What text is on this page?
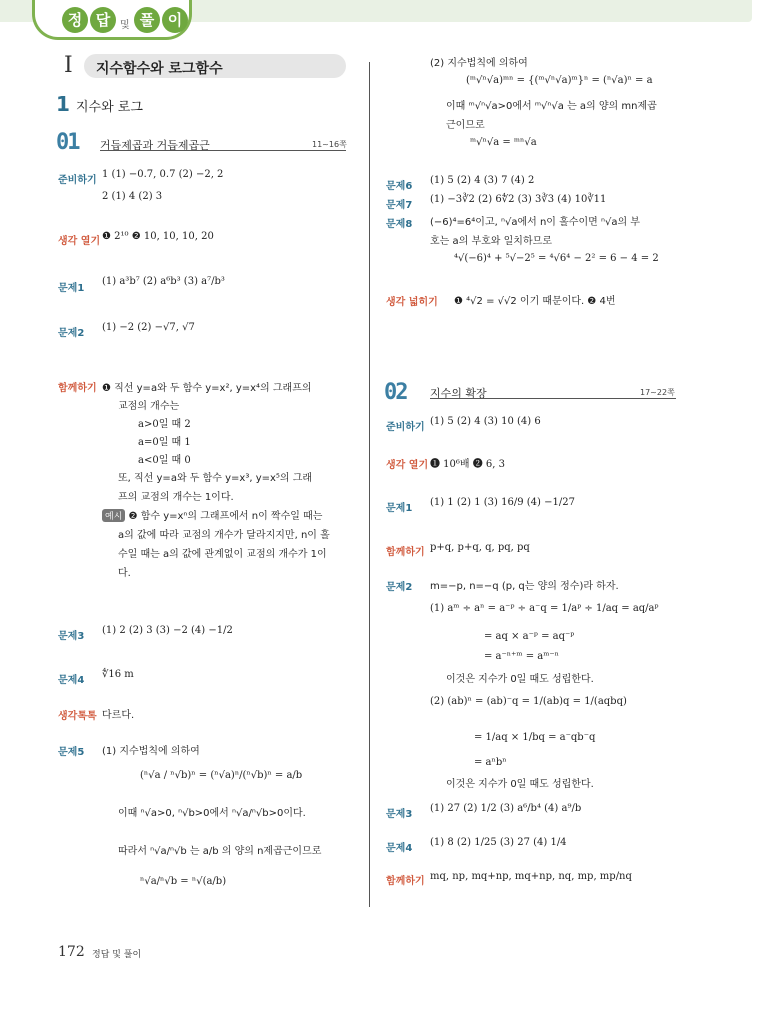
정 답 및 풀 이
I 지수함수와 로그함수
1 지수와 로그
01 거듭제곱과 거듭제곱근	11~16쪽
준비하기
1 (1) −0.7, 0.7 (2) −2, 2
2 (1) 4 (2) 3
생각 열기 ❶ 2¹⁰ ❷ 10, 10, 10, 20
문제1
(1) a³b⁷ (2) a⁶b³ (3) a⁷/b³
문제2
(1) −2 (2) −√7, √7
함께하기 ❶ 직선 y=a와 두 함수 y=x², y=x⁴의 그래프의
교점의 개수는
a>0일 때 2
a=0일 때 1
a<0일 때 0
또, 직선 y=a와 두 함수 y=x³, y=x⁵의 그래
프의 교점의 개수는 1이다.
예시 ❷ 함수 y=xⁿ의 그래프에서 n이 짝수일 때는
a의 값에 따라 교점의 개수가 달라지지만, n이 홀
수일 때는 a의 값에 관계없이 교점의 개수가 1이
다.
문제3
(1) 2 (2) 3 (3) −2 (4) −1/2
문제4
∜16 m
생각톡톡 다르다.
문제5 (1) 지수법칙에 의하여
(ⁿ√a / ⁿ√b)ⁿ = (ⁿ√a)ⁿ/(ⁿ√b)ⁿ = a/b
이때 ⁿ√a>0, ⁿ√b>0에서 ⁿ√a/ⁿ√b>0이다.
따라서 ⁿ√a/ⁿ√b 는 a/b 의 양의 n제곱근이므로
ⁿ√a/ⁿ√b = ⁿ√(a/b)
(2) 지수법칙에 의하여
(ᵐ√ⁿ√a)ᵐⁿ = {(ᵐ√ⁿ√a)ᵐ}ⁿ = (ⁿ√a)ⁿ = a
이때 ᵐ√ⁿ√a>0에서 ᵐ√ⁿ√a 는 a의 양의 mn제곱
근이므로
ᵐ√ⁿ√a = ᵐⁿ√a
문제6
(1) 5 (2) 4 (3) 7 (4) 2
문제7
(1) −3∛2 (2) 6∜2 (3) 3∛3 (4) 10∛11
문제8 (−6)⁴=6⁴이고, ⁿ√a에서 n이 홀수이면 ⁿ√a의 부
호는 a의 부호와 일치하므로
⁴√(−6)⁴ + ⁵√−2⁵ = ⁴√6⁴ − 2² = 6 − 4 = 2
생각 넓히기 ❶ ⁴√2 = √√2 이기 때문이다. ❷ 4번
02 지수의 확장	17~22쪽
준비하기
(1) 5 (2) 4 (3) 10 (4) 6
생각 열기 ❶ 10⁶배 ❷ 6, 3
문제1
(1) 1 (2) 1 (3) 16/9 (4) −1/27
함께하기 p+q, p+q, q, pq, pq
문제2 m=−p, n=−q (p, q는 양의 정수)라 하자.
(1) aᵐ ÷ aⁿ = a⁻ᵖ ÷ a⁻q = 1/aᵖ ÷ 1/aq = aq/aᵖ
= aq × a⁻ᵖ = aq⁻ᵖ
= a⁻ⁿ⁺ᵐ = aᵐ⁻ⁿ
이것은 지수가 0일 때도 성립한다.
(2) (ab)ⁿ = (ab)⁻q = 1/(ab)q = 1/(aqbq)
= 1/aq × 1/bq = a⁻qb⁻q
= aⁿbⁿ
이것은 지수가 0일 때도 성립한다.
문제3
(1) 27 (2) 1/2 (3) a⁶/b⁴ (4) a⁹/b
문제4
(1) 8 (2) 1/25 (3) 27 (4) 1/4
함께하기 mq, np, mq+np, mq+np, nq, mp, mp/nq
172 정답 및 풀이
